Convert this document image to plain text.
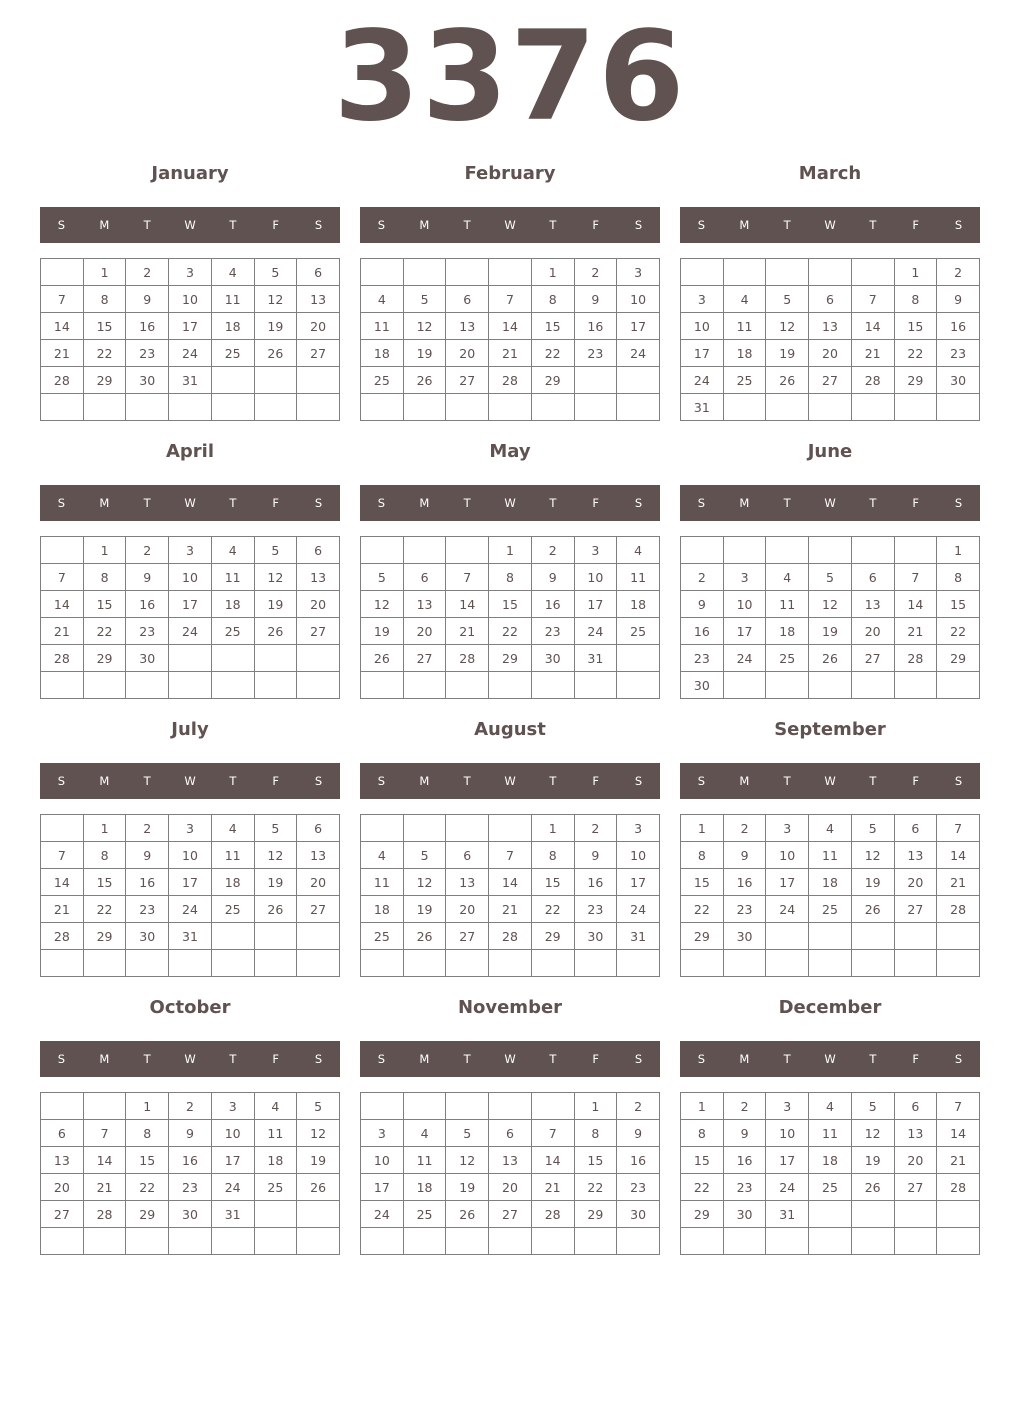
3376
January
S	M	T	W	T	F	S
	1	2	3	4	5	6
7	8	9	10	11	12	13
14	15	16	17	18	19	20
21	22	23	24	25	26	27
28	29	30	31			

February
S	M	T	W	T	F	S
				1	2	3
4	5	6	7	8	9	10
11	12	13	14	15	16	17
18	19	20	21	22	23	24
25	26	27	28	29		

March
S	M	T	W	T	F	S
					1	2
3	4	5	6	7	8	9
10	11	12	13	14	15	16
17	18	19	20	21	22	23
24	25	26	27	28	29	30
31						
April
S	M	T	W	T	F	S
	1	2	3	4	5	6
7	8	9	10	11	12	13
14	15	16	17	18	19	20
21	22	23	24	25	26	27
28	29	30				

May
S	M	T	W	T	F	S
			1	2	3	4
5	6	7	8	9	10	11
12	13	14	15	16	17	18
19	20	21	22	23	24	25
26	27	28	29	30	31	

June
S	M	T	W	T	F	S
						1
2	3	4	5	6	7	8
9	10	11	12	13	14	15
16	17	18	19	20	21	22
23	24	25	26	27	28	29
30						
July
S	M	T	W	T	F	S
	1	2	3	4	5	6
7	8	9	10	11	12	13
14	15	16	17	18	19	20
21	22	23	24	25	26	27
28	29	30	31			

August
S	M	T	W	T	F	S
				1	2	3
4	5	6	7	8	9	10
11	12	13	14	15	16	17
18	19	20	21	22	23	24
25	26	27	28	29	30	31

September
S	M	T	W	T	F	S
1	2	3	4	5	6	7
8	9	10	11	12	13	14
15	16	17	18	19	20	21
22	23	24	25	26	27	28
29	30					

October
S	M	T	W	T	F	S
		1	2	3	4	5
6	7	8	9	10	11	12
13	14	15	16	17	18	19
20	21	22	23	24	25	26
27	28	29	30	31		

November
S	M	T	W	T	F	S
					1	2
3	4	5	6	7	8	9
10	11	12	13	14	15	16
17	18	19	20	21	22	23
24	25	26	27	28	29	30

December
S	M	T	W	T	F	S
1	2	3	4	5	6	7
8	9	10	11	12	13	14
15	16	17	18	19	20	21
22	23	24	25	26	27	28
29	30	31				
